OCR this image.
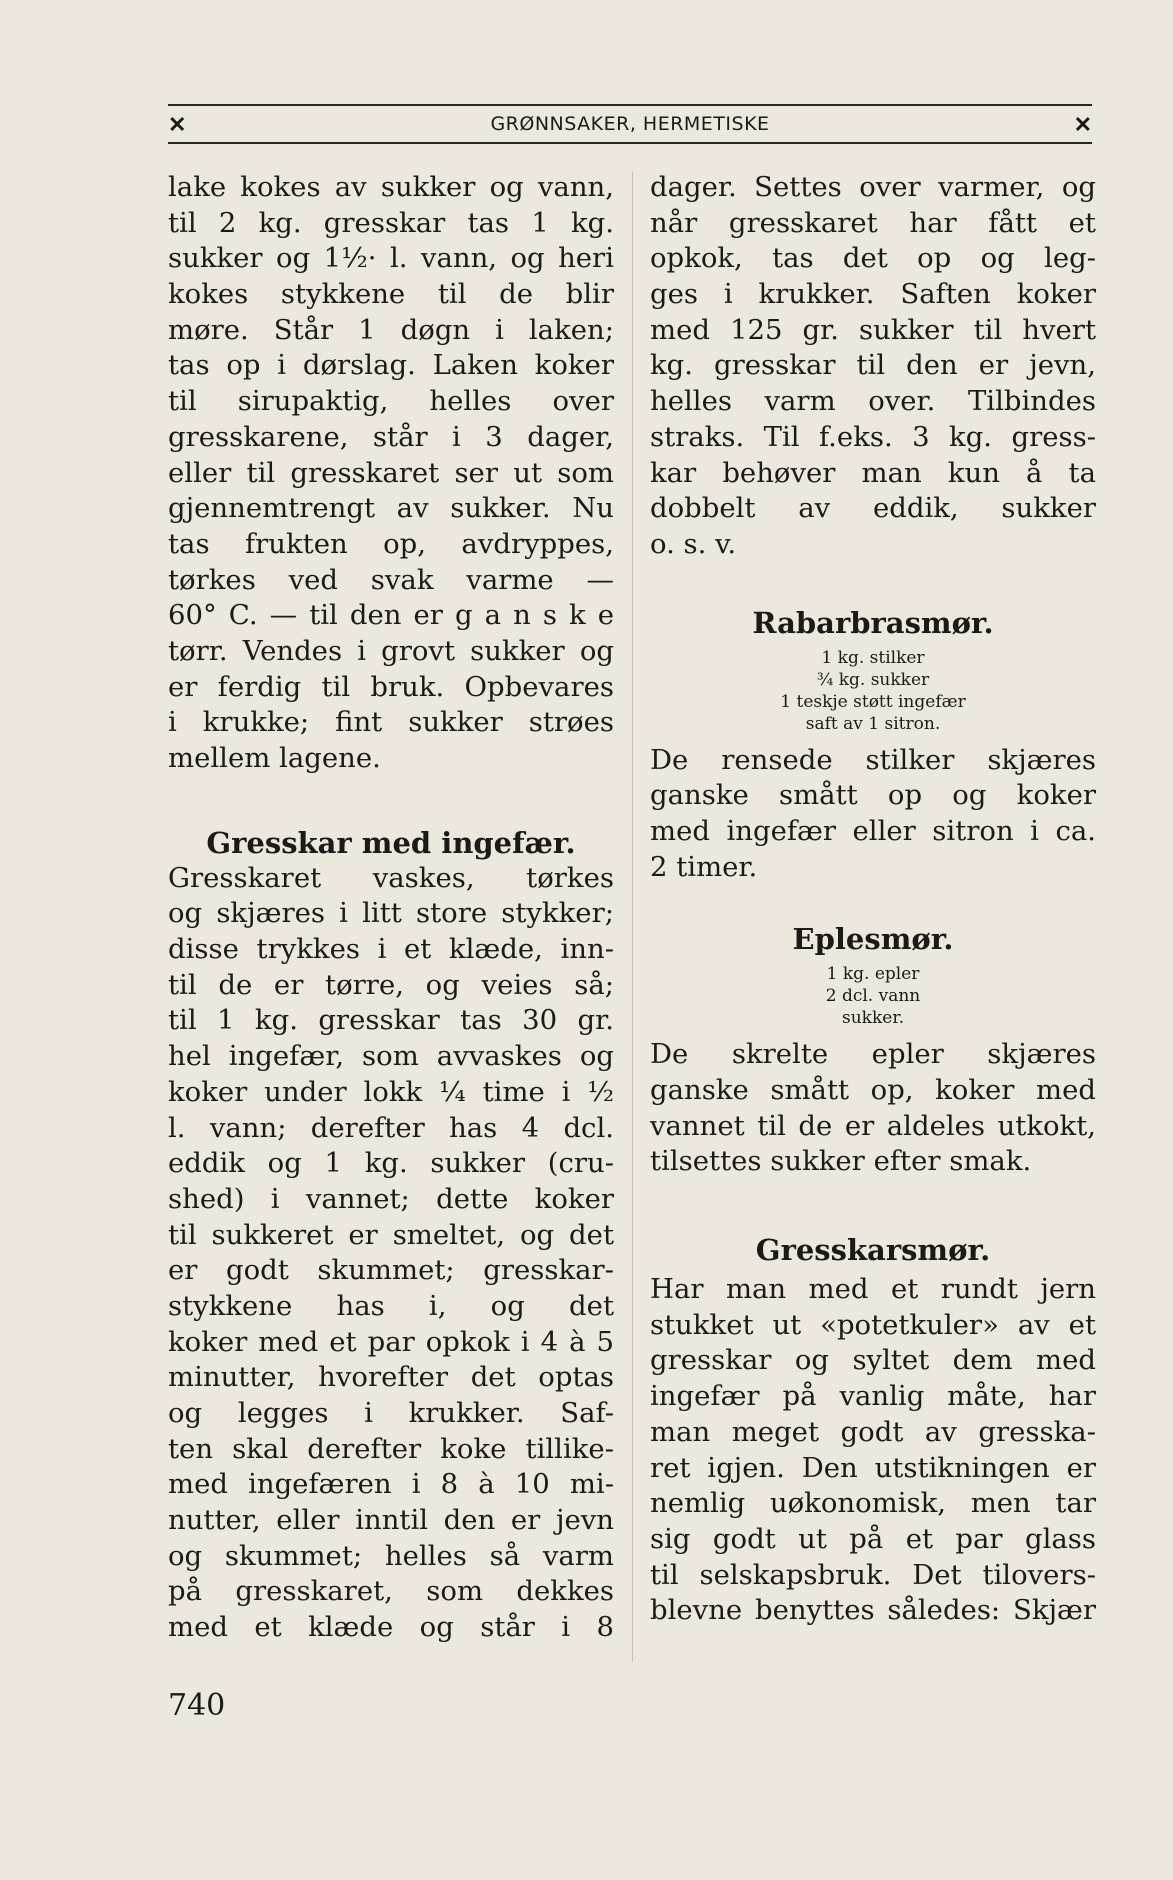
✕	GRØNNSAKER, HERMETISKE	✕
lake kokes av sukker og vann,
til 2 kg. gresskar tas 1 kg.
sukker og 1½· l. vann, og heri
kokes stykkene til de blir
møre. Står 1 døgn i laken;
tas op i dørslag. Laken koker
til sirupaktig, helles over
gresskarene, står i 3 dager,
eller til gresskaret ser ut som
gjennemtrengt av sukker. Nu
tas frukten op, avdryppes,
tørkes ved svak varme —
60° C. — til den er g a n s k e
tørr. Vendes i grovt sukker og
er ferdig til bruk. Opbevares
i krukke; fint sukker strøes
mellem lagene.
Gresskar med ingefær.
Gresskaret vaskes, tørkes
og skjæres i litt store stykker;
disse trykkes i et klæde, inn-
til de er tørre, og veies så;
til 1 kg. gresskar tas 30 gr.
hel ingefær, som avvaskes og
koker under lokk ¼ time i ½
l. vann; derefter has 4 dcl.
eddik og 1 kg. sukker (cru-
shed) i vannet; dette koker
til sukkeret er smeltet, og det
er godt skummet; gresskar-
stykkene has i, og det
koker med et par opkok i 4 à 5
minutter, hvorefter det optas
og legges i krukker. Saf-
ten skal derefter koke tillike-
med ingefæren i 8 à 10 mi-
nutter, eller inntil den er jevn
og skummet; helles så varm
på gresskaret, som dekkes
med et klæde og står i 8
dager. Settes over varmer, og
når gresskaret har fått et
opkok, tas det op og leg-
ges i krukker. Saften koker
med 125 gr. sukker til hvert
kg. gresskar til den er jevn,
helles varm over. Tilbindes
straks. Til f.eks. 3 kg. gress-
kar behøver man kun å ta
dobbelt av eddik, sukker
o. s. v.
Rabarbrasmør.
1 kg. stilker
¾ kg. sukker
1 teskje støtt ingefær
saft av 1 sitron.
De rensede stilker skjæres
ganske smått op og koker
med ingefær eller sitron i ca.
2 timer.
Eplesmør.
1 kg. epler
2 dcl. vann
sukker.
De skrelte epler skjæres
ganske smått op, koker med
vannet til de er aldeles utkokt,
tilsettes sukker efter smak.
Gresskarsmør.
Har man med et rundt jern
stukket ut «potetkuler» av et
gresskar og syltet dem med
ingefær på vanlig måte, har
man meget godt av gresska-
ret igjen. Den utstikningen er
nemlig uøkonomisk, men tar
sig godt ut på et par glass
til selskapsbruk. Det tilovers-
blevne benyttes således: Skjær
740
